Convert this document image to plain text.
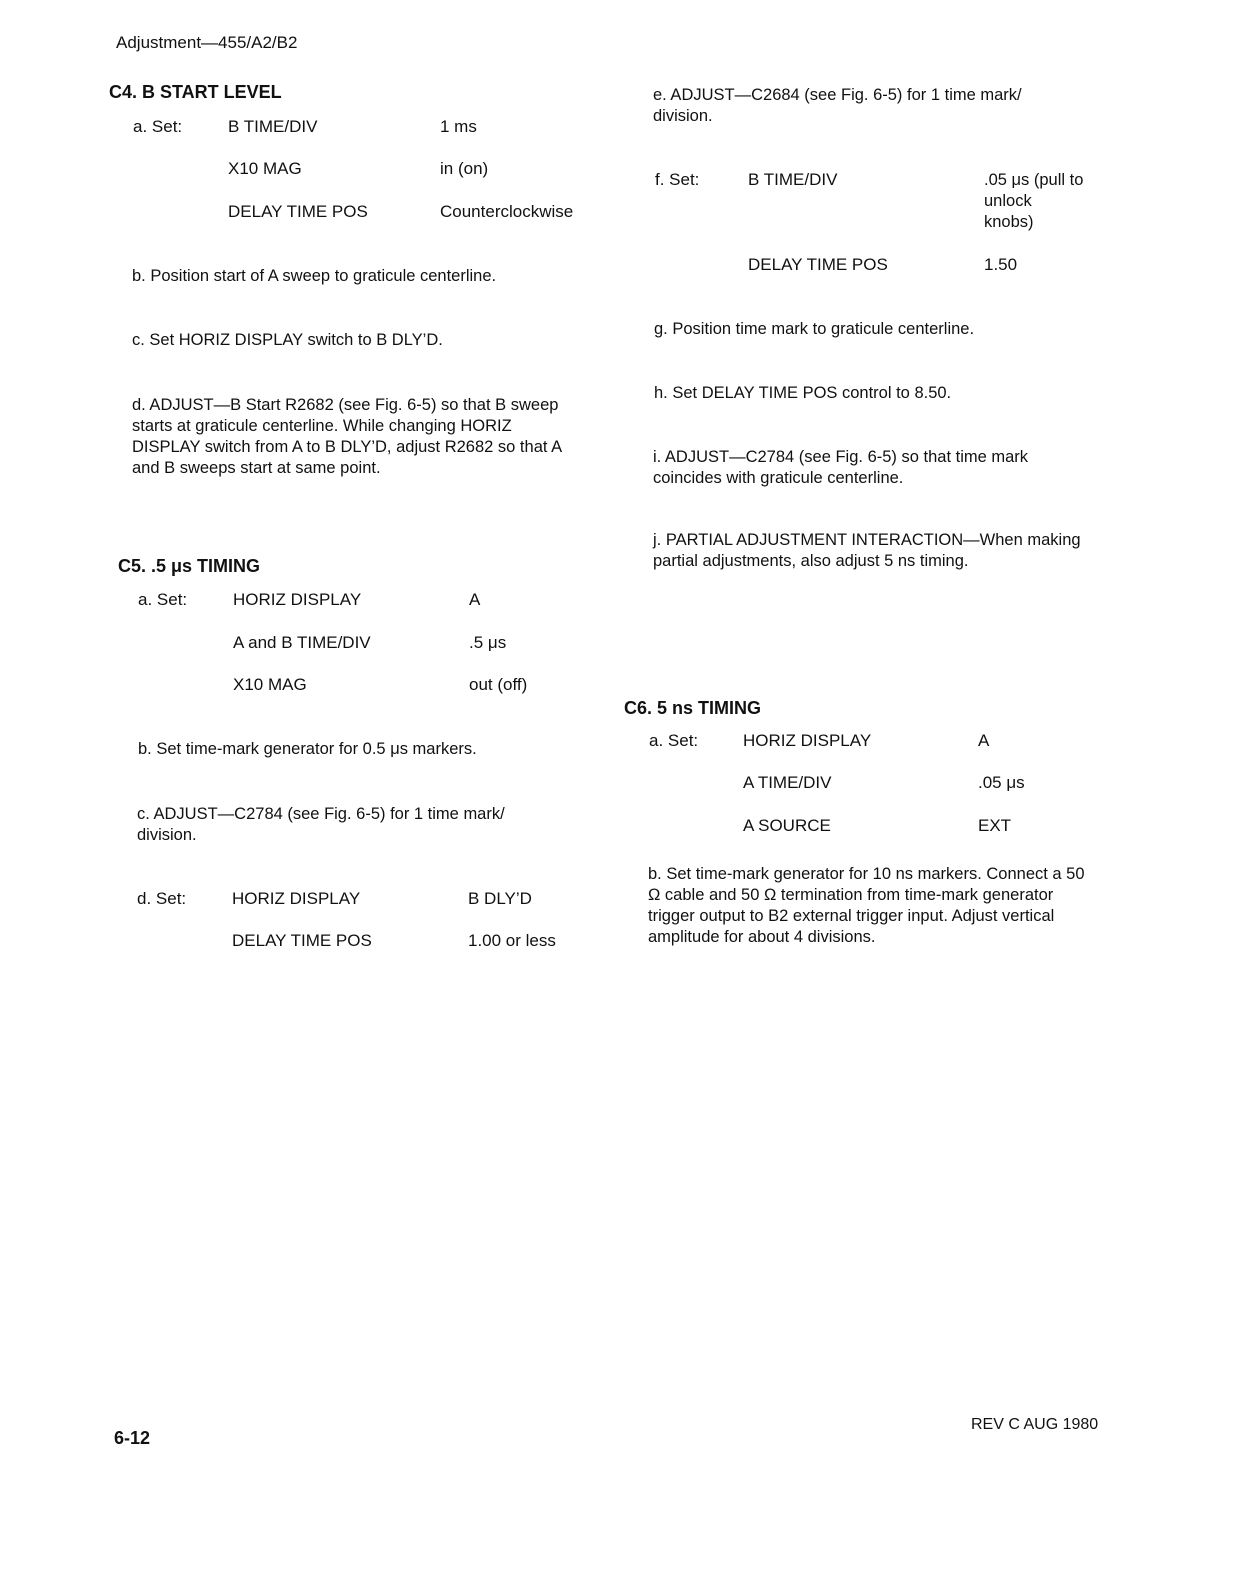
Adjustment—455/A2/B2
C4. B START LEVEL
a. Set:	B TIME/DIV	1 ms
X10 MAG	in (on)
DELAY TIME POS	Counterclockwise
b. Position start of A sweep to graticule centerline.
c. Set HORIZ DISPLAY switch to B DLY’D.
d. ADJUST—B Start R2682 (see Fig. 6-5) so that B sweep starts at graticule centerline. While changing HORIZ DISPLAY switch from A to B DLY’D, adjust R2682 so that A and B sweeps start at same point.
C5. .5 μs TIMING
a. Set:	HORIZ DISPLAY	A
A and B TIME/DIV	.5 μs
X10 MAG	out (off)
b. Set time-mark generator for 0.5 μs markers.
c. ADJUST—C2784 (see Fig. 6-5) for 1 time mark/ division.
d. Set:	HORIZ DISPLAY	B DLY’D
DELAY TIME POS	1.00 or less
e. ADJUST—C2684 (see Fig. 6-5) for 1 time mark/ division.
f. Set:	B TIME/DIV	.05 μs (pull to unlock knobs)
DELAY TIME POS	1.50
g. Position time mark to graticule centerline.
h. Set DELAY TIME POS control to 8.50.
i. ADJUST—C2784 (see Fig. 6-5) so that time mark coincides with graticule centerline.
j. PARTIAL ADJUSTMENT INTERACTION—When making partial adjustments, also adjust 5 ns timing.
C6. 5 ns TIMING
a. Set:	HORIZ DISPLAY	A
A TIME/DIV	.05 μs
A SOURCE	EXT
b. Set time-mark generator for 10 ns markers. Connect a 50 Ω cable and 50 Ω termination from time-mark generator trigger output to B2 external trigger input. Adjust vertical amplitude for about 4 divisions.
6-12
REV C AUG 1980
